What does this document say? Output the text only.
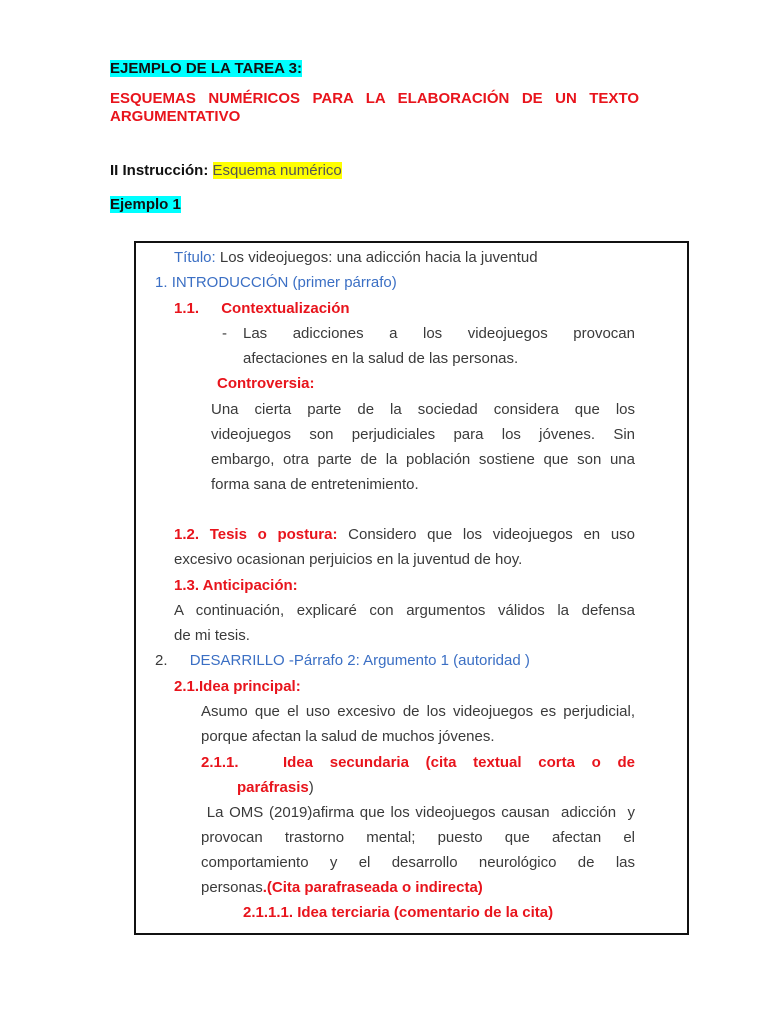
EJEMPLO DE LA TAREA 3:
ESQUEMAS NUMÉRICOS PARA LA ELABORACIÓN DE UN TEXTO
ARGUMENTATIVO
II Instrucción: Esquema numérico
Ejemplo 1
Título: Los videojuegos: una adicción hacia la juventud
1. INTRODUCCIÓN (primer párrafo)
1.1. Contextualización
- Las adicciones a los videojuegos provocan
afectaciones en la salud de las personas.
Controversia:
Una cierta parte de la sociedad considera que los
videojuegos son perjudiciales para los jóvenes. Sin
embargo, otra parte de la población sostiene que son una
forma sana de entretenimiento.
1.2. Tesis o postura: Considero que los videojuegos en uso
excesivo ocasionan perjuicios en la juventud de hoy.
1.3. Anticipación:
A continuación, explicaré con argumentos válidos la defensa
de mi tesis.
2. DESARRILLO -Párrafo 2: Argumento 1 (autoridad )
2.1.Idea principal:
Asumo que el uso excesivo de los videojuegos es perjudicial,
porque afectan la salud de muchos jóvenes.
2.1.1.	Idea secundaria (cita textual corta o de
paráfrasis)
La OMS (2019)afirma que los videojuegos causan  adicción  y
provocan trastorno mental; puesto que afectan el
comportamiento y el desarrollo neurológico de las
personas.(Cita parafraseada o indirecta)
2.1.1.1. Idea terciaria (comentario de la cita)
